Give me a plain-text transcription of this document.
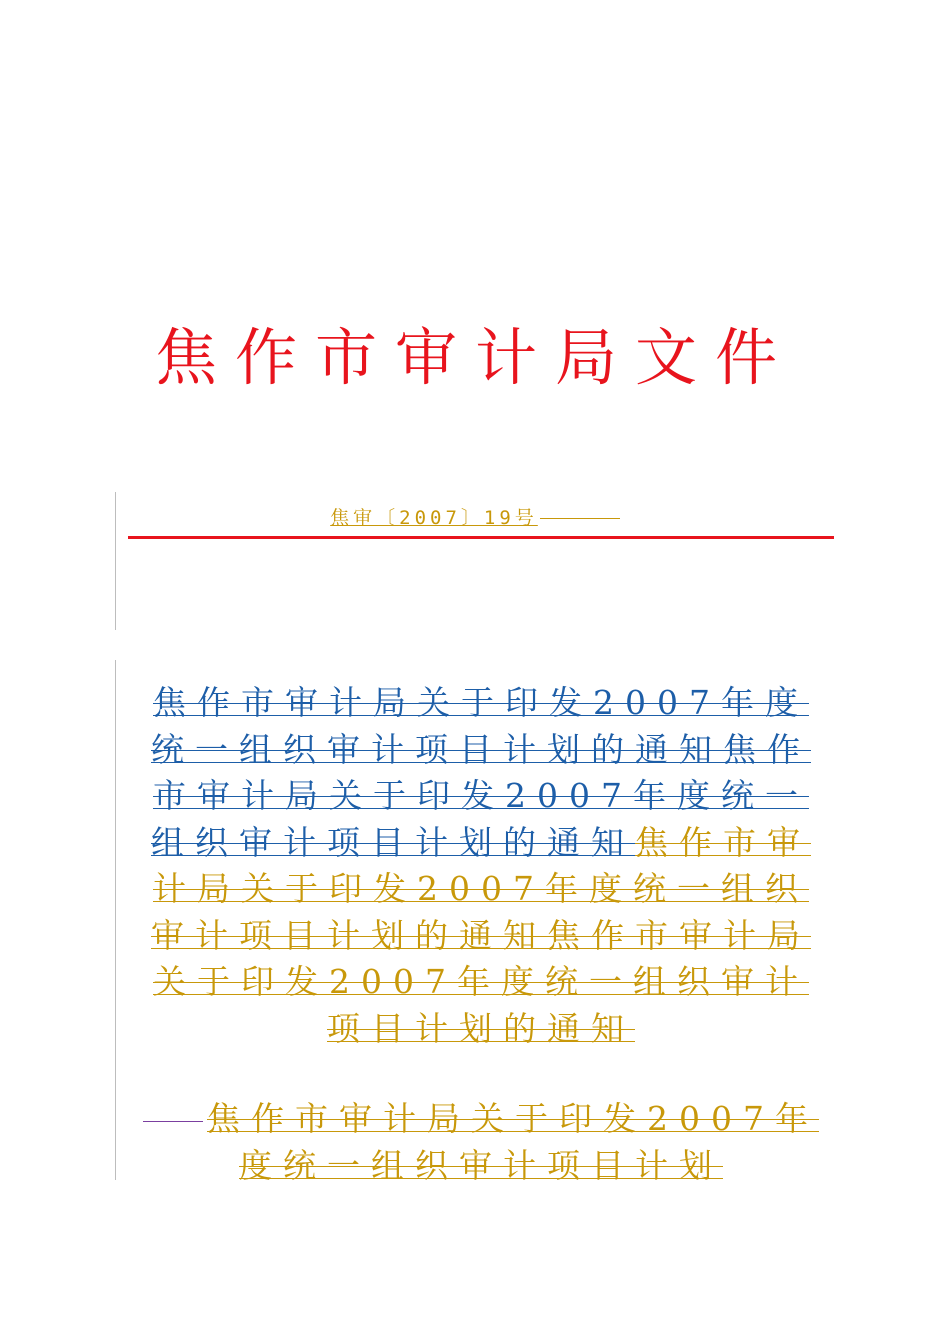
焦作市审计局文件
焦审〔2007〕19号
焦作市审计局关于印发2007年度统一组织审计项目计划的通知焦作市审计局关于印发2007年度统一组织审计项目计划的通知焦作市审计局关于印发2007年度统一组织审计项目计划的通知焦作市审计局关于印发2007年度统一组织审计项目计划的通知
焦作市审计局关于印发2007年度统一组织审计项目计划
